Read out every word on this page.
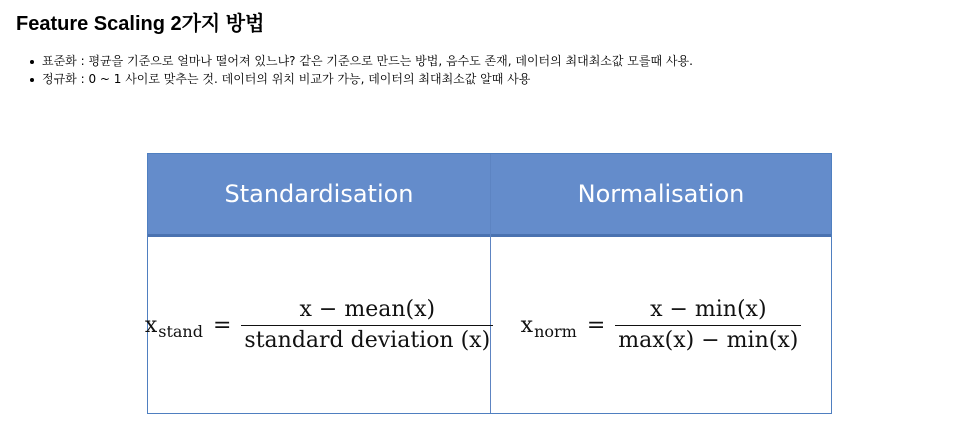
Feature Scaling 2가지 방법
표준화 : 평균을 기준으로 얼마나 떨어져 있느냐? 같은 기준으로 만드는 방법, 음수도 존재, 데이터의 최대최소값 모를때 사용.
정규화 : 0 ~ 1 사이로 맞추는 것. 데이터의 위치 비교가 가능, 데이터의 최대최소값 알때 사용
Standardisation	Normalisation
x $stand = \frac{\text{x − mean(x)}}{\text{standard deviation (x)}}$ x norm = $\frac{x - \min(x)}{\max(x) - \min(x)}$
